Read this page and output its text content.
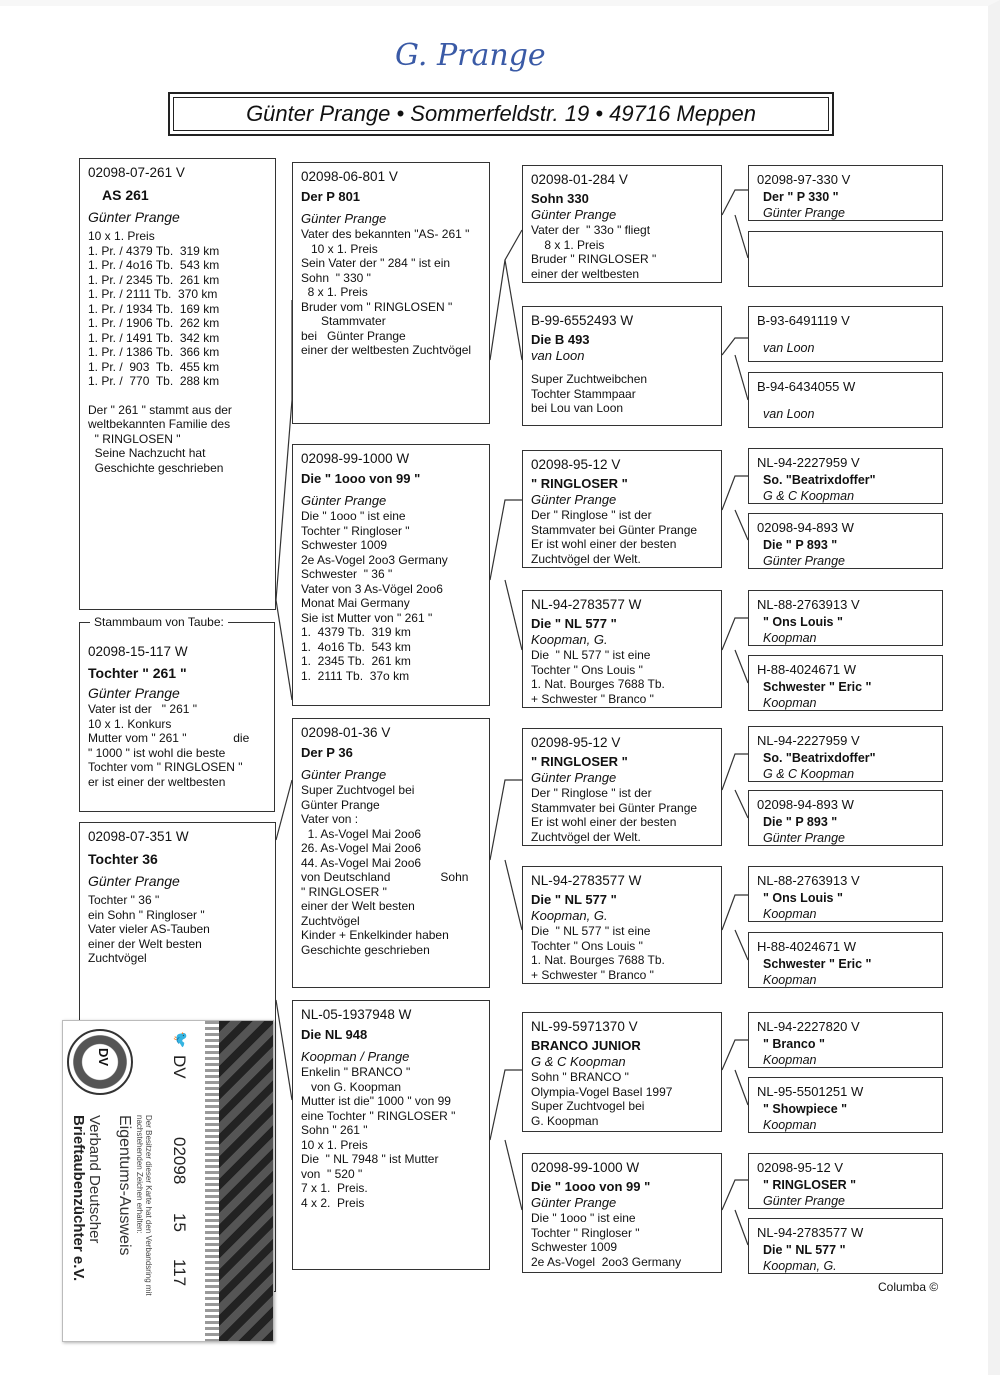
G. Prange
Günter Prange • Sommerfeldstr. 19 • 49716 Meppen
02098-07-261 V
AS 261
Günter Prange
10 x 1. Preis
1. Pr. / 4379 Tb.  319 km
1. Pr. / 4o16 Tb.  543 km
1. Pr. / 2345 Tb.  261 km
1. Pr. / 2111 Tb.  370 km
1. Pr. / 1934 Tb.  169 km
1. Pr. / 1906 Tb.  262 km
1. Pr. / 1491 Tb.  342 km
1. Pr. / 1386 Tb.  366 km
1. Pr. /  903  Tb.  455 km
1. Pr. /  770  Tb.  288 km
Der " 261 " stammt aus der
weltbekannten Familie des
" RINGLOSEN "
Seine Nachzucht hat
Geschichte geschrieben
Stammbaum von Taube:
02098-15-117 W
Tochter " 261 "
Günter Prange
Vater ist der   " 261 "
10 x 1. Konkurs
Mutter vom " 261 "              die
" 1000 " ist wohl die beste
Tochter vom " RINGLOSEN "
er ist einer der weltbesten
02098-07-351 W
Tochter 36
Günter Prange
Tochter " 36 "
ein Sohn " Ringloser "
Vater vieler AS-Tauben
einer der Welt besten
Zuchtvögel
02098-06-801 V
Der P 801
Günter Prange
Vater des bekannten "AS- 261 "
10 x 1. Preis
Sein Vater der " 284 " ist ein
Sohn  " 330 "
8 x 1. Preis
Bruder vom " RINGLOSEN "
Stammvater
bei   Günter Prange
einer der weltbesten Zuchtvögel
02098-99-1000 W
Die " 1ooo von 99 "
Günter Prange
Die " 1ooo " ist eine
Tochter " Ringloser "
Schwester 1009
2e As-Vogel 2oo3 Germany
Schwester  " 36 "
Vater von 3 As-Vögel 2oo6
Monat Mai Germany
Sie ist Mutter von " 261 "
1.  4379 Tb.  319 km
1.  4o16 Tb.  543 km
1.  2345 Tb.  261 km
1.  2111 Tb.  37o km
02098-01-36 V
Der P 36
Günter Prange
Super Zuchtvogel bei
Günter Prange
Vater von :
1. As-Vogel Mai 2oo6
26. As-Vogel Mai 2oo6
44. As-Vogel Mai 2oo6
von Deutschland               Sohn
" RINGLOSER "
einer der Welt besten
Zuchtvögel
Kinder + Enkelkinder haben
Geschichte geschrieben
NL-05-1937948 W
Die NL 948
Koopman / Prange
Enkelin " BRANCO "
von G. Koopman
Mutter ist die" 1000 " von 99
eine Tochter " RINGLOSER "
Sohn " 261 "
10 x 1. Preis
Die  " NL 7948 " ist Mutter
von  " 520 "
7 x 1.  Preis.
4 x 2.  Preis
02098-01-284 V
Sohn 330
Günter Prange
Vater der  " 33o " fliegt
8 x 1. Preis
Bruder " RINGLOSER "
einer der weltbesten
B-99-6552493 W
Die B 493
van Loon
Super Zuchtweibchen
Tochter Stammpaar
bei Lou van Loon
02098-95-12 V
" RINGLOSER "
Günter Prange
Der " Ringlose " ist der
Stammvater bei Günter Prange
Er ist wohl einer der besten
Zuchtvögel der Welt.
NL-94-2783577 W
Die " NL 577 "
Koopman, G.
Die  " NL 577 " ist eine
Tochter " Ons Louis "
1. Nat. Bourges 7688 Tb.
+ Schwester " Branco "
02098-95-12 V
" RINGLOSER "
Günter Prange
Der " Ringlose " ist der
Stammvater bei Günter Prange
Er ist wohl einer der besten
Zuchtvögel der Welt.
NL-94-2783577 W
Die " NL 577 "
Koopman, G.
Die  " NL 577 " ist eine
Tochter " Ons Louis "
1. Nat. Bourges 7688 Tb.
+ Schwester " Branco "
NL-99-5971370 V
BRANCO JUNIOR
G & C Koopman
Sohn " BRANCO "
Olympia-Vogel Basel 1997
Super Zuchtvogel bei
G. Koopman
02098-99-1000 W
Die " 1ooo von 99 "
Günter Prange
Die " 1ooo " ist eine
Tochter " Ringloser "
Schwester 1009
2e As-Vogel  2oo3 Germany
02098-97-330 V
Der " P 330 "
Günter Prange
B-93-6491119 V
van Loon
B-94-6434055 W
van Loon
NL-94-2227959 V
So. "Beatrixdoffer"
G & C Koopman
02098-94-893 W
Die " P 893 "
Günter Prange
NL-88-2763913 V
" Ons Louis "
Koopman
H-88-4024671 W
Schwester " Eric "
Koopman
NL-94-2227959 V
So. "Beatrixdoffer"
G & C Koopman
02098-94-893 W
Die " P 893 "
Günter Prange
NL-88-2763913 V
" Ons Louis "
Koopman
H-88-4024671 W
Schwester " Eric "
Koopman
NL-94-2227820 V
" Branco "
Koopman
NL-95-5501251 W
" Showpiece "
Koopman
02098-95-12 V
" RINGLOSER "
Günter Prange
NL-94-2783577 W
Die " NL 577 "
Koopman, G.
🐦
DV
02098
15
117
Der Besitzer dieser Karte hat den Verbandsring mit nachstehenden Zeichen erhalten:
Eigentums-Ausweis
Verband Deutscher
Brieftaubenzüchter e.V.
DV
Columba ©
